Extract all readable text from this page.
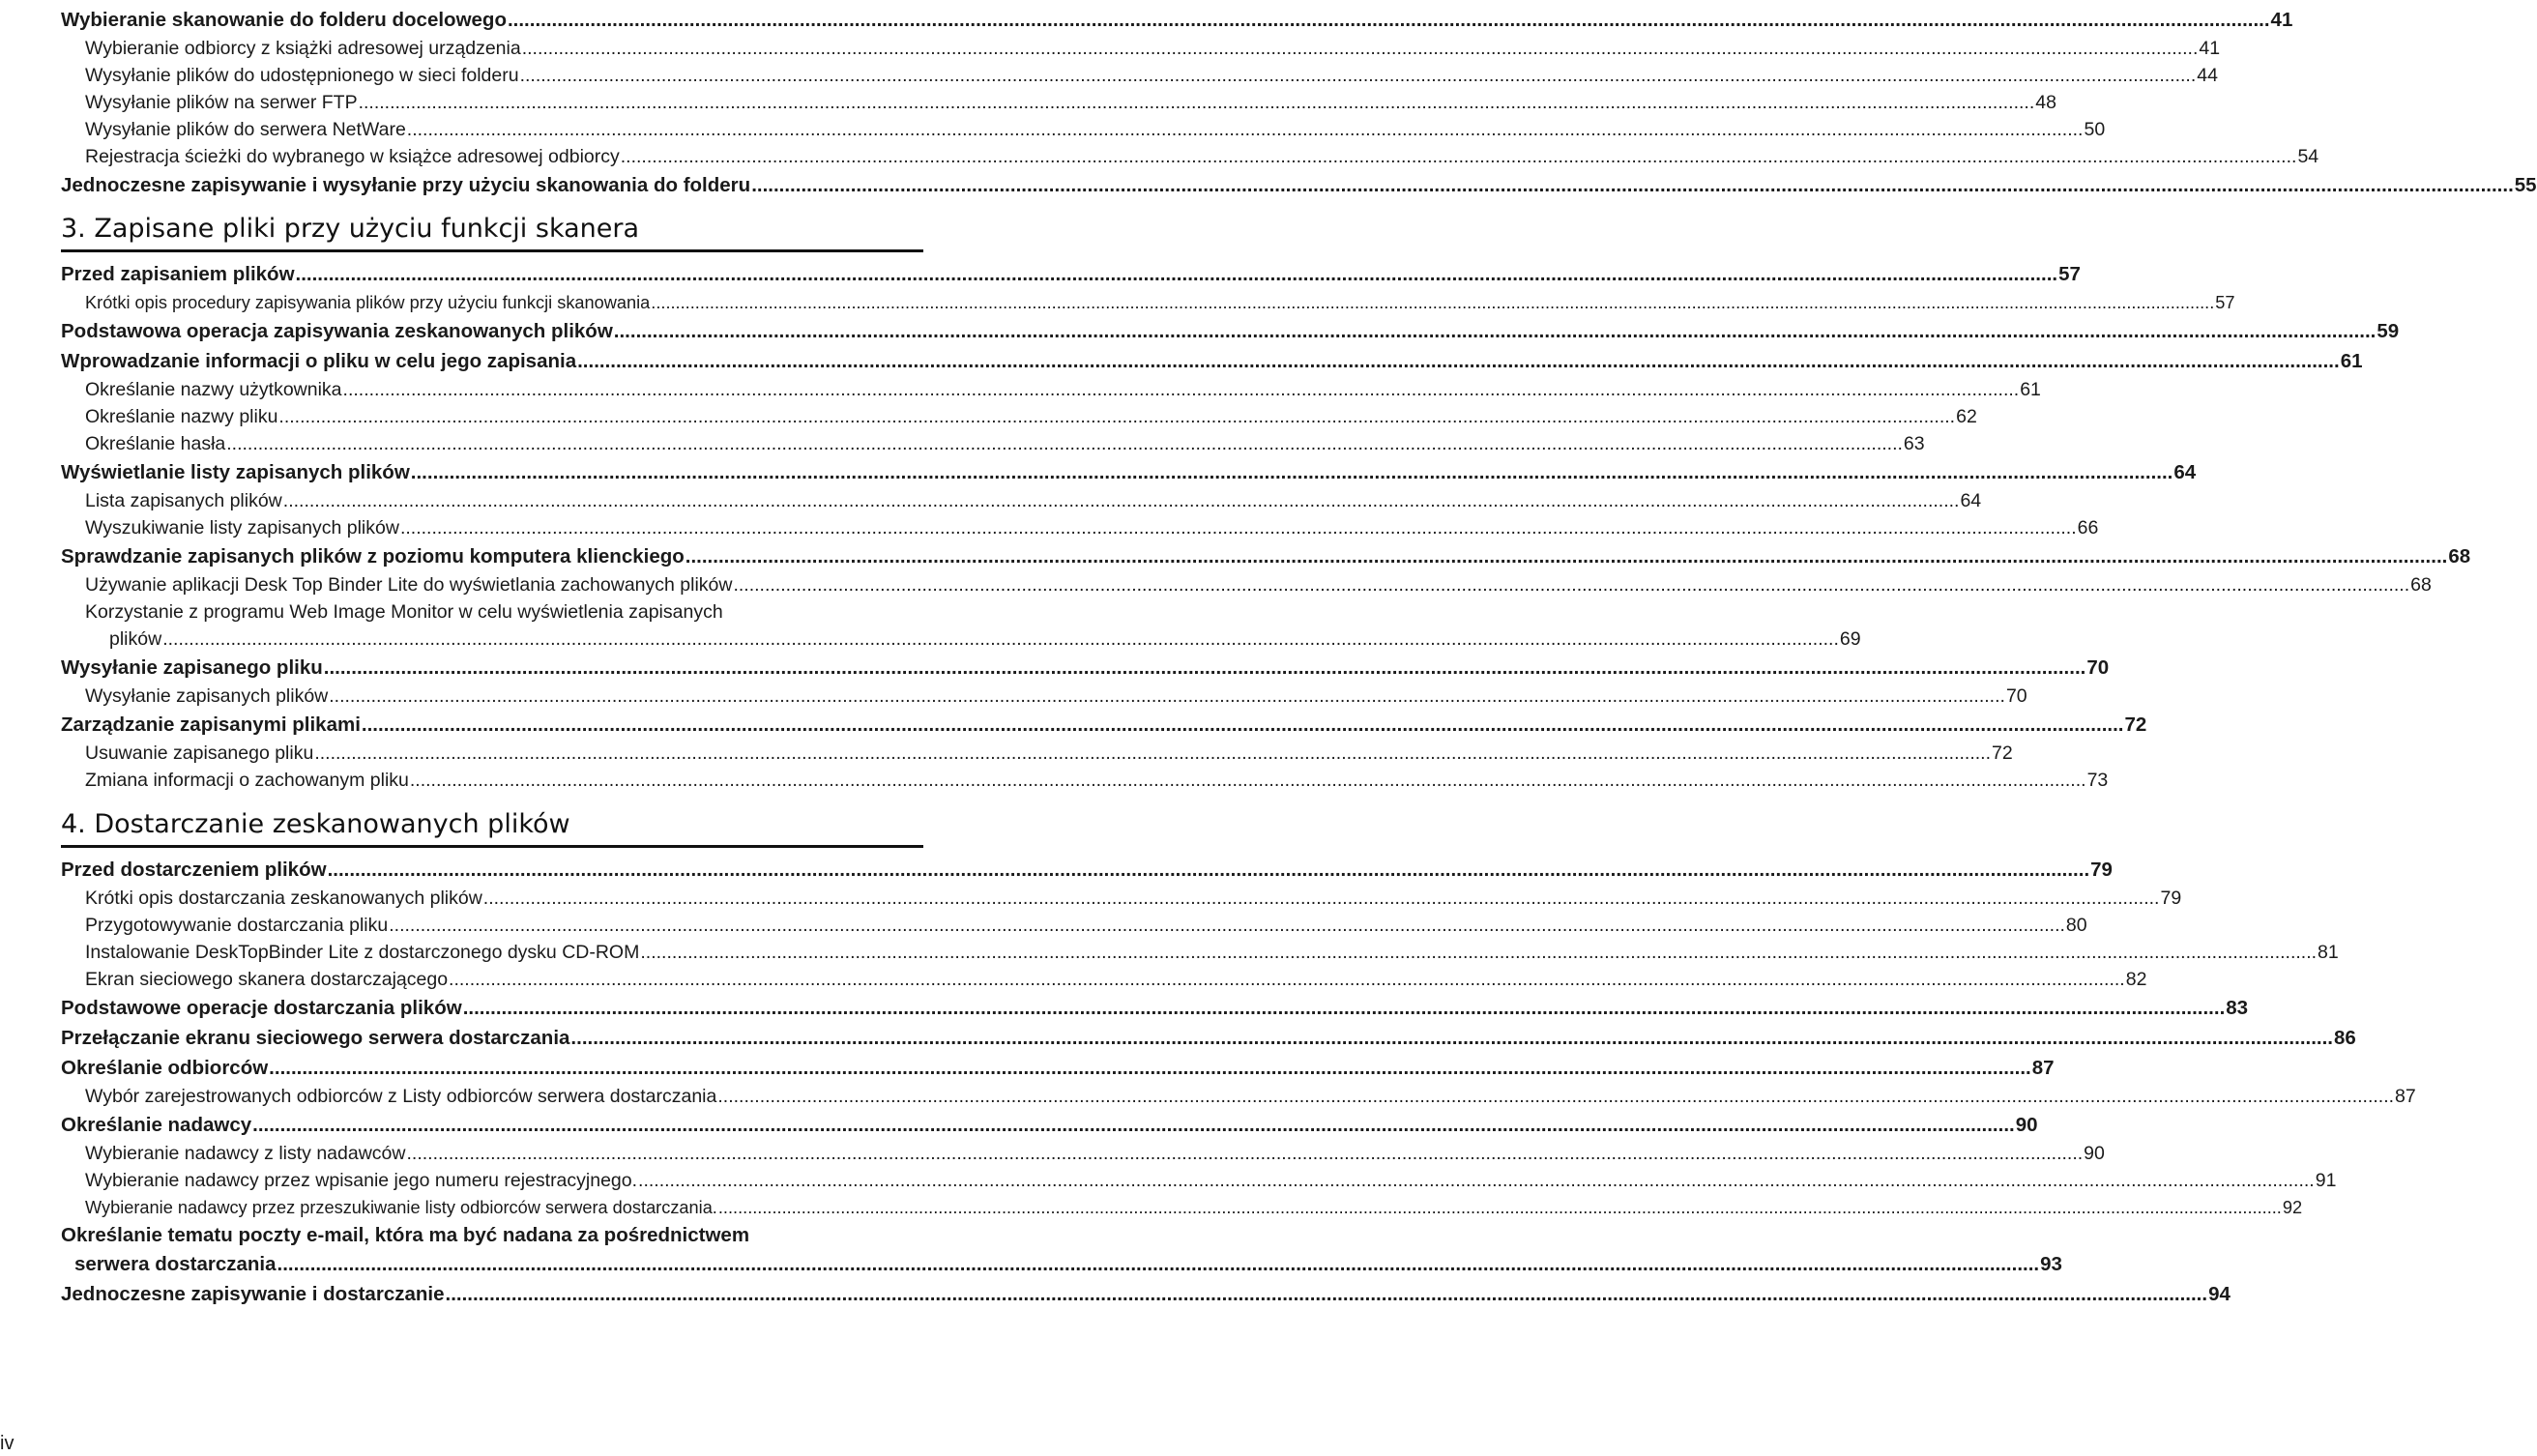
Wybieranie skanowanie do folderu docelowego .....	41
Wybieranie odbiorcy z książki adresowej urządzenia .....	41
Wysyłanie plików do udostępnionego w sieci folderu .....	44
Wysyłanie plików na serwer FTP .....	48
Wysyłanie plików do serwera NetWare .....	50
Rejestracja ścieżki do wybranego w książce adresowej odbiorcy .....	54
Jednoczesne zapisywanie i wysyłanie przy użyciu skanowania do folderu .....	55
3. Zapisane pliki przy użyciu funkcji skanera
Przed zapisaniem plików .....	57
Krótki opis procedury zapisywania plików przy użyciu funkcji skanowania .....	57
Podstawowa operacja zapisywania zeskanowanych plików .....	59
Wprowadzanie informacji o pliku w celu jego zapisania .....	61
Określanie nazwy użytkownika .....	61
Określanie nazwy pliku .....	62
Określanie hasła .....	63
Wyświetlanie listy zapisanych plików .....	64
Lista zapisanych plików .....	64
Wyszukiwanie listy zapisanych plików .....	66
Sprawdzanie zapisanych plików z poziomu komputera klienckiego .....	68
Używanie aplikacji Desk Top Binder Lite do wyświetlania zachowanych plików .....	68
Korzystanie z programu Web Image Monitor w celu wyświetlenia zapisanych
plików .....	69
Wysyłanie zapisanego pliku .....	70
Wysyłanie zapisanych plików .....	70
Zarządzanie zapisanymi plikami .....	72
Usuwanie zapisanego pliku .....	72
Zmiana informacji o zachowanym pliku .....	73
4. Dostarczanie zeskanowanych plików
Przed dostarczeniem plików .....	79
Krótki opis dostarczania zeskanowanych plików .....	79
Przygotowywanie dostarczania pliku .....	80
Instalowanie DeskTopBinder Lite z dostarczonego dysku CD-ROM .....	81
Ekran sieciowego skanera dostarczającego .....	82
Podstawowe operacje dostarczania plików .....	83
Przełączanie ekranu sieciowego serwera dostarczania .....	86
Określanie odbiorców .....	87
Wybór zarejestrowanych odbiorców z Listy odbiorców serwera dostarczania .....	87
Określanie nadawcy .....	90
Wybieranie nadawcy z listy nadawców .....	90
Wybieranie nadawcy przez wpisanie jego numeru rejestracyjnego. .....	91
Wybieranie nadawcy przez przeszukiwanie listy odbiorców serwera dostarczania. .....	92
Określanie tematu poczty e-mail, która ma być nadana za pośrednictwem
serwera dostarczania .....	93
Jednoczesne zapisywanie i dostarczanie .....	94
iv
